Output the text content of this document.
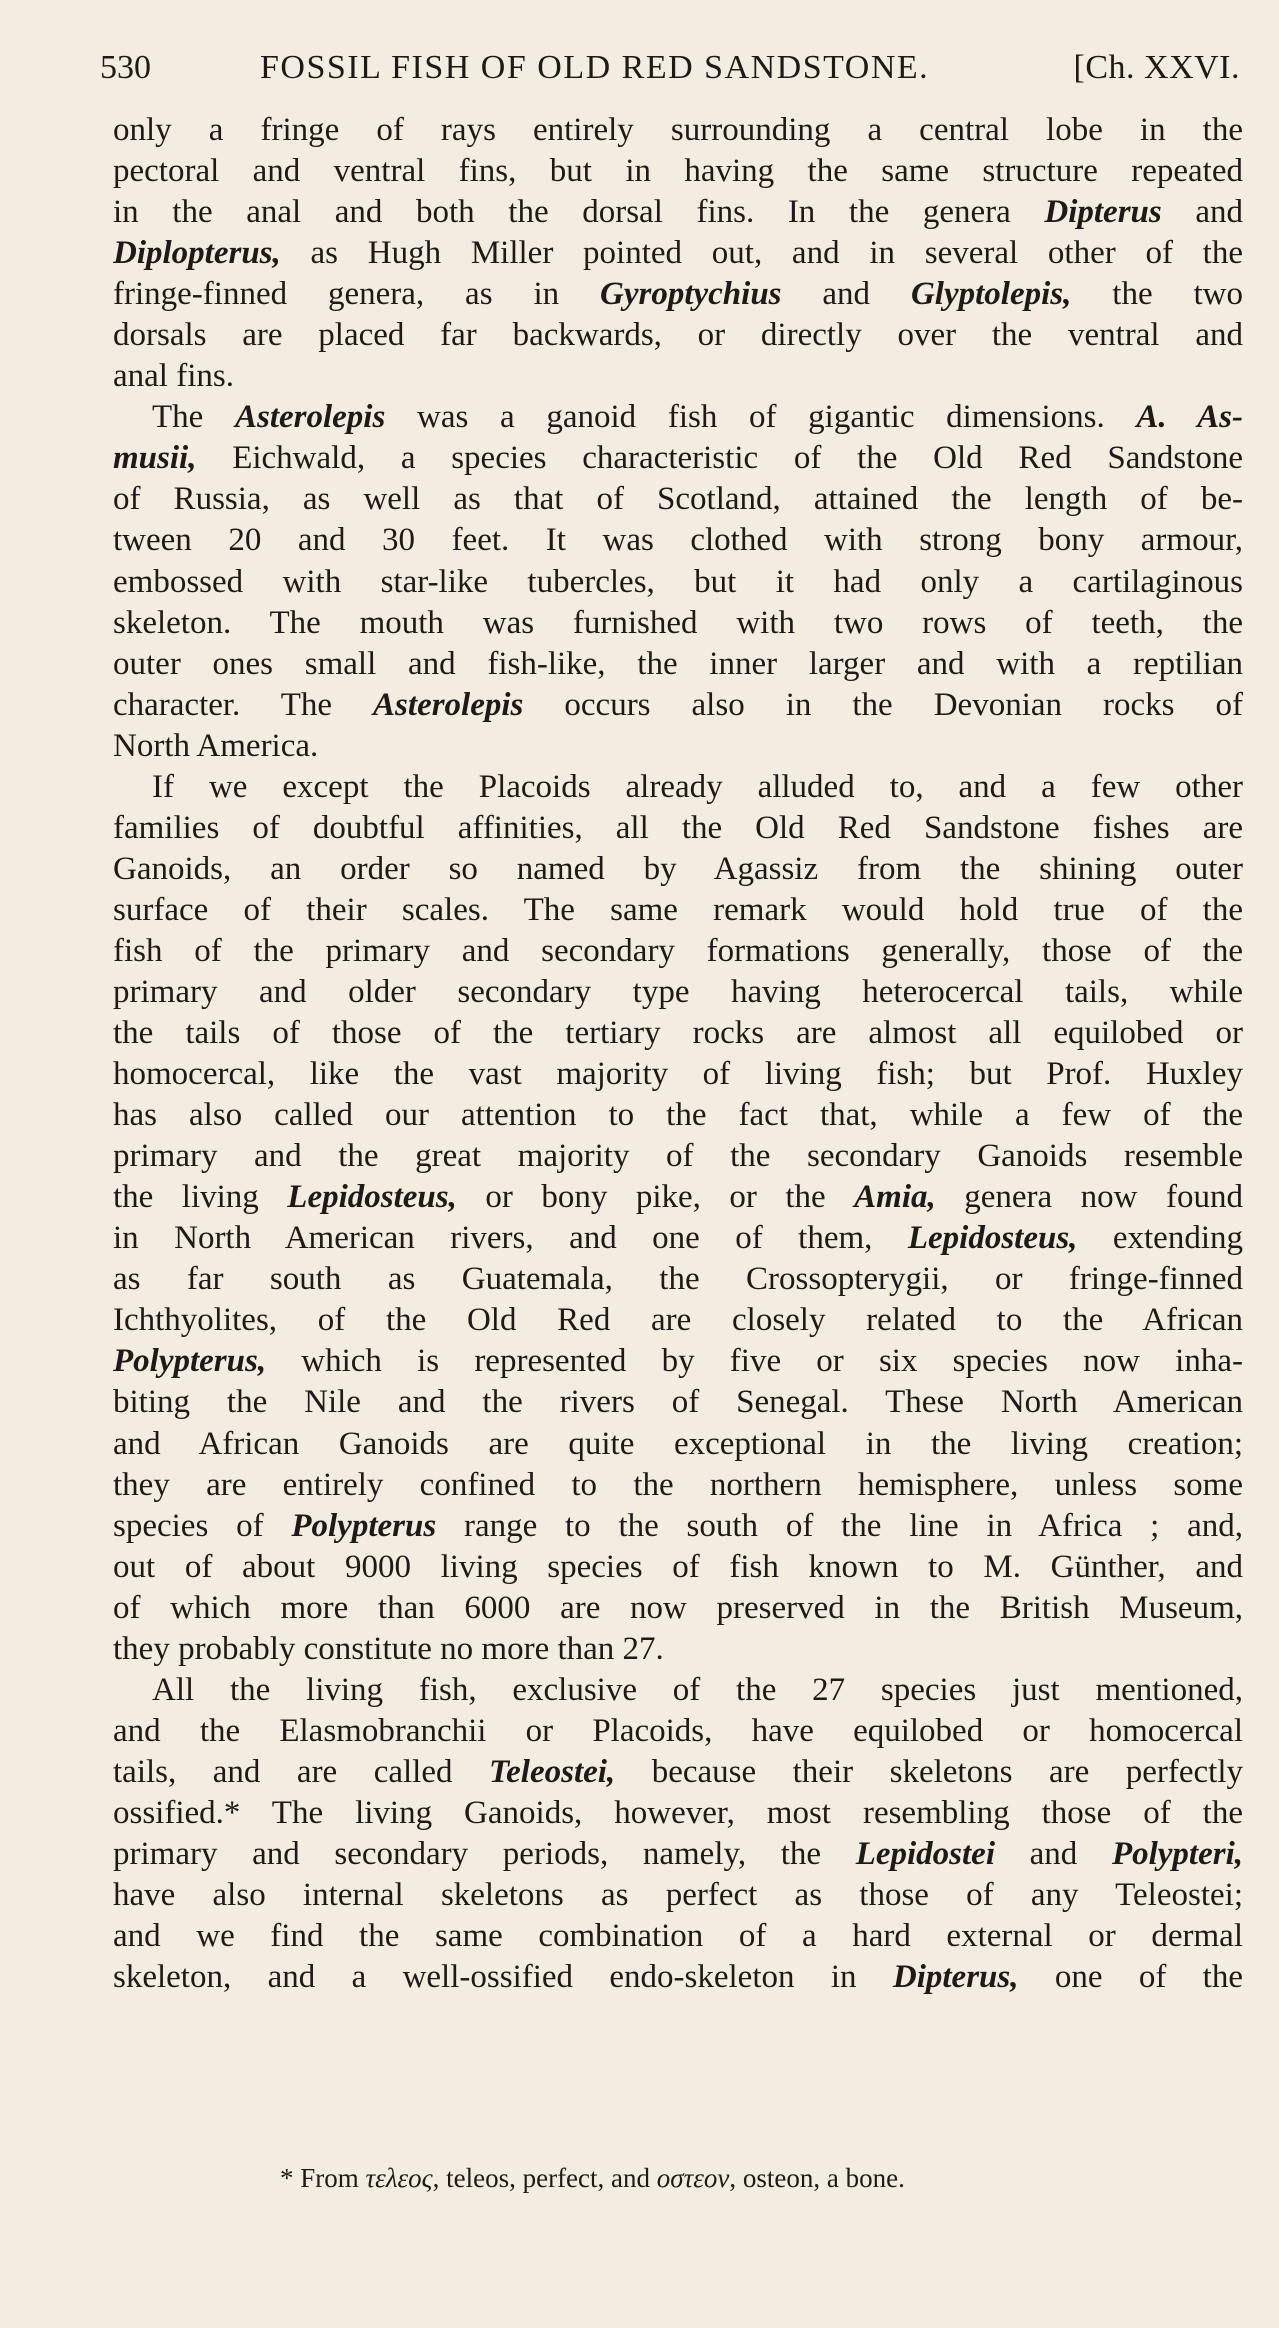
530	FOSSIL FISH OF OLD RED SANDSTONE.	[Ch. XXVI.
only a fringe of rays entirely surrounding a central lobe in the
pectoral and ventral fins, but in having the same structure repeated
in the anal and both the dorsal fins. In the genera Dipterus and
Diplopterus, as Hugh Miller pointed out, and in several other of the
fringe-finned genera, as in Gyroptychius and Glyptolepis, the two
dorsals are placed far backwards, or directly over the ventral and
anal fins.
The Asterolepis was a ganoid fish of gigantic dimensions. A. As-
musii, Eichwald, a species characteristic of the Old Red Sandstone
of Russia, as well as that of Scotland, attained the length of be-
tween 20 and 30 feet. It was clothed with strong bony armour,
embossed with star-like tubercles, but it had only a cartilaginous
skeleton. The mouth was furnished with two rows of teeth, the
outer ones small and fish-like, the inner larger and with a reptilian
character. The Asterolepis occurs also in the Devonian rocks of
North America.
If we except the Placoids already alluded to, and a few other
families of doubtful affinities, all the Old Red Sandstone fishes are
Ganoids, an order so named by Agassiz from the shining outer
surface of their scales. The same remark would hold true of the
fish of the primary and secondary formations generally, those of the
primary and older secondary type having heterocercal tails, while
the tails of those of the tertiary rocks are almost all equilobed or
homocercal, like the vast majority of living fish; but Prof. Huxley
has also called our attention to the fact that, while a few of the
primary and the great majority of the secondary Ganoids resemble
the living Lepidosteus, or bony pike, or the Amia, genera now found
in North American rivers, and one of them, Lepidosteus, extending
as far south as Guatemala, the Crossopterygii, or fringe-finned
Ichthyolites, of the Old Red are closely related to the African
Polypterus, which is represented by five or six species now inha-
biting the Nile and the rivers of Senegal. These North American
and African Ganoids are quite exceptional in the living creation;
they are entirely confined to the northern hemisphere, unless some
species of Polypterus range to the south of the line in Africa ; and,
out of about 9000 living species of fish known to M. Günther, and
of which more than 6000 are now preserved in the British Museum,
they probably constitute no more than 27.
All the living fish, exclusive of the 27 species just mentioned,
and the Elasmobranchii or Placoids, have equilobed or homocercal
tails, and are called Teleostei, because their skeletons are perfectly
ossified.* The living Ganoids, however, most resembling those of the
primary and secondary periods, namely, the Lepidostei and Polypteri,
have also internal skeletons as perfect as those of any Teleostei;
and we find the same combination of a hard external or dermal
skeleton, and a well-ossified endo-skeleton in Dipterus, one of the
* From τελεος, teleos, perfect, and οστεον, osteon, a bone.
